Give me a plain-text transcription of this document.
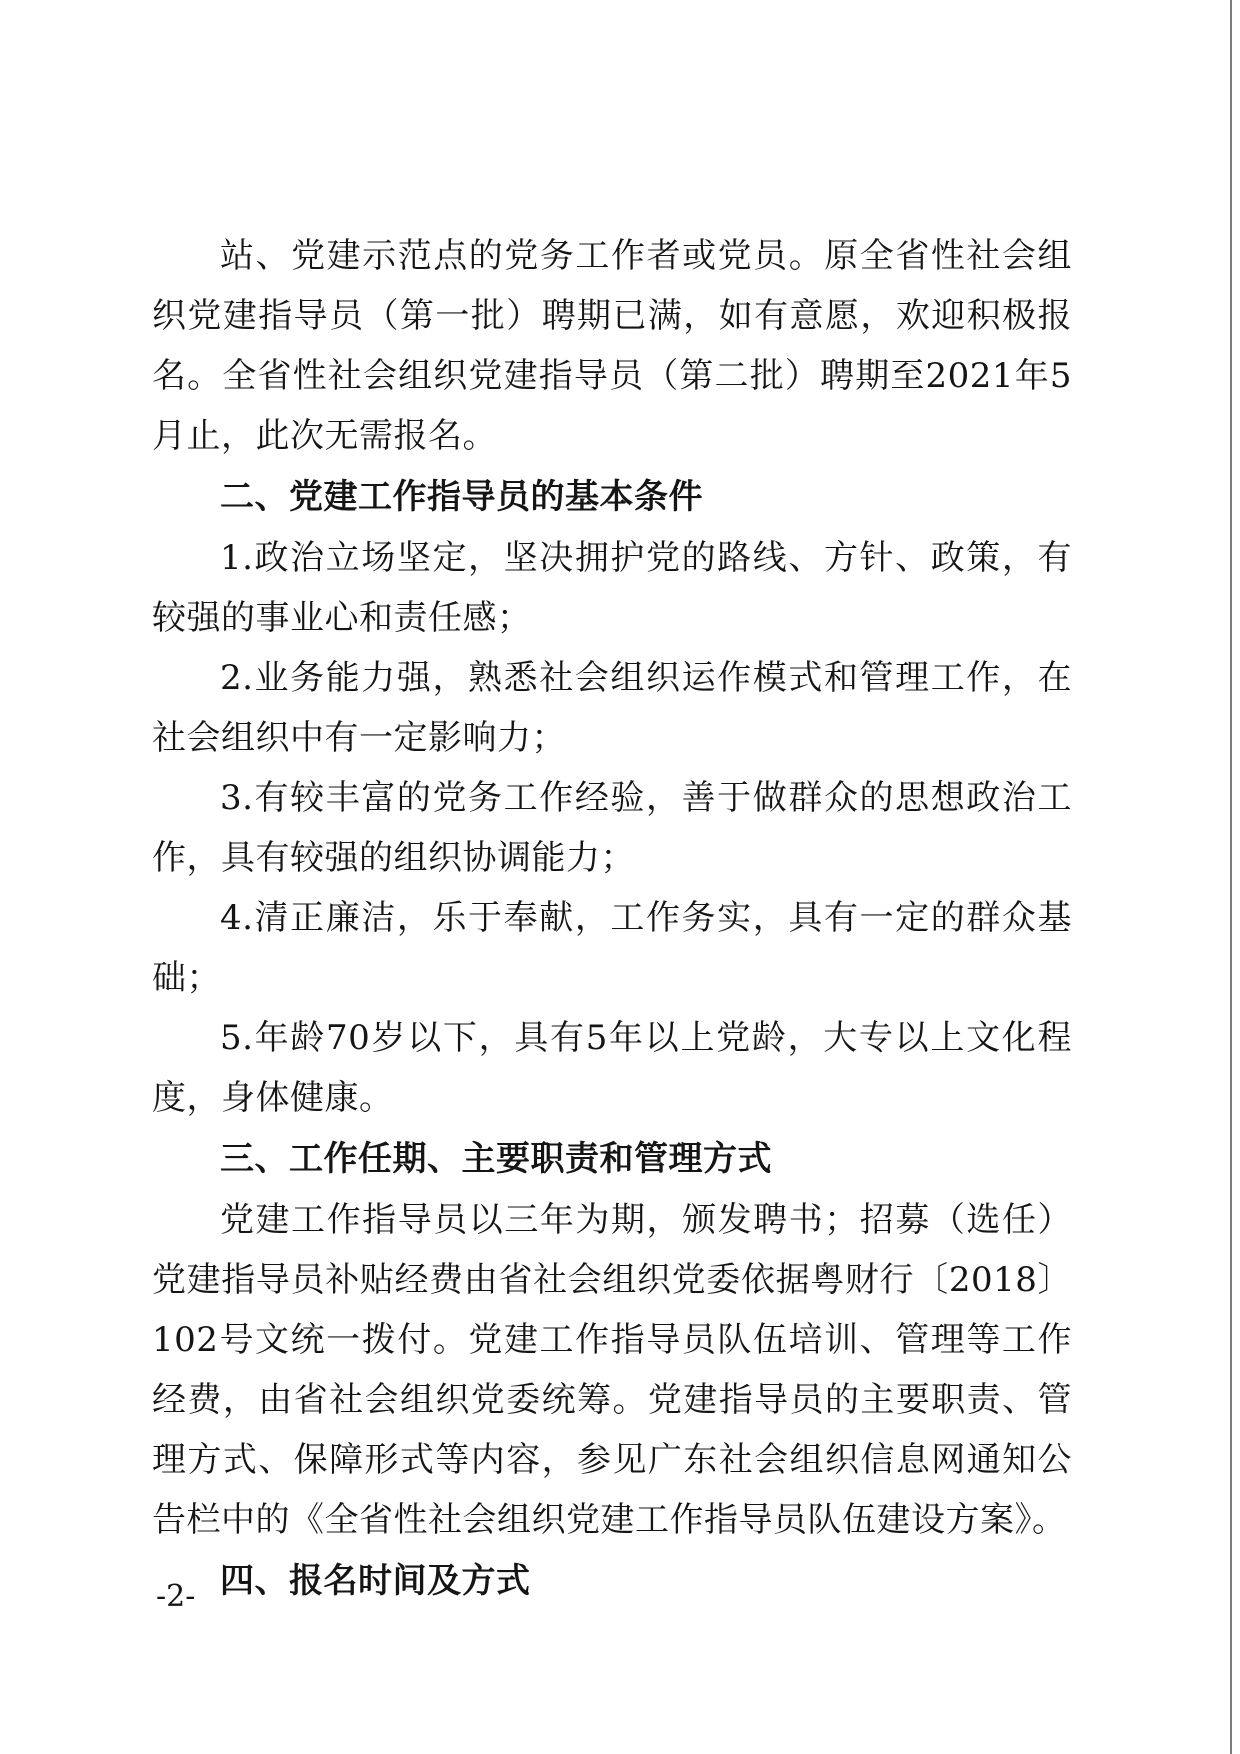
站、党建示范点的党务工作者或党员。原全省性社会组织党建指导员（第一批）聘期已满，如有意愿，欢迎积极报名。全省性社会组织党建指导员（第二批）聘期至2021年5月止，此次无需报名。

二、党建工作指导员的基本条件

1.政治立场坚定，坚决拥护党的路线、方针、政策，有较强的事业心和责任感；

2.业务能力强，熟悉社会组织运作模式和管理工作，在社会组织中有一定影响力；

3.有较丰富的党务工作经验，善于做群众的思想政治工作，具有较强的组织协调能力；

4.清正廉洁，乐于奉献，工作务实，具有一定的群众基础；

5.年龄70岁以下，具有5年以上党龄，大专以上文化程度，身体健康。

三、工作任期、主要职责和管理方式

党建工作指导员以三年为期，颁发聘书；招募（选任）党建指导员补贴经费由省社会组织党委依据粤财行〔2018〕102号文统一拨付。党建工作指导员队伍培训、管理等工作经费，由省社会组织党委统筹。党建指导员的主要职责、管理方式、保障形式等内容，参见广东社会组织信息网通知公告栏中的《全省性社会组织党建工作指导员队伍建设方案》。

四、报名时间及方式

-2-
